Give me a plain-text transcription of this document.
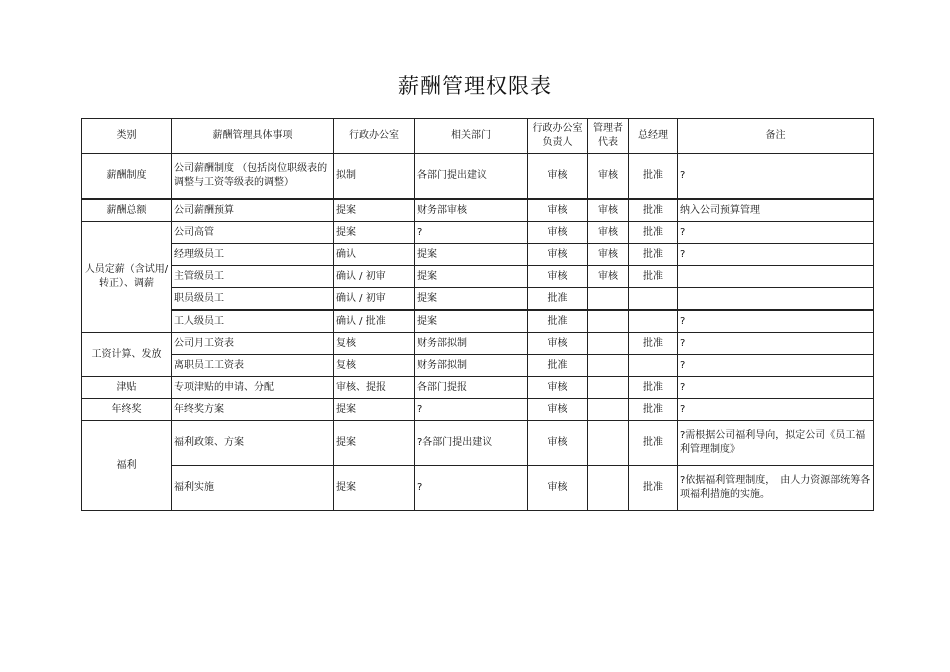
薪酬管理权限表
类别	薪酬管理具体事项	行政办公室	相关部门	行政办公室负责人	管理者代表	总经理	备注
薪酬制度	公司薪酬制度 （包括岗位职级表的调整与工资等级表的调整）	拟制	各部门提出建议	审核	审核	批准	?
薪酬总额	公司薪酬预算	提案	财务部审核	审核	审核	批准	纳入公司预算管理
人员定薪（含试用/ 转正）、调薪	公司高管	提案	?	审核	审核	批准	?
	经理级员工	确认	提案	审核	审核	批准	?
	主管级员工	确认 / 初审	提案	审核	审核	批准	
	职员级员工	确认 / 初审	提案	批准			
	工人级员工	确认 / 批准	提案	批准			?
工资计算、发放	公司月工资表	复核	财务部拟制	审核		批准	?
	离职员工工资表	复核	财务部拟制	批准			?
津贴	专项津贴的申请、分配	审核、提报	各部门提报	审核		批准	?
年终奖	年终奖方案	提案	?	审核		批准	?
福利	福利政策、方案	提案	?各部门提出建议	审核		批准	?需根据公司福利导向，拟定公司《员工福利管理制度》
	福利实施	提案	?	审核		批准	?依据福利管理制度，　由人力资源部统筹各项福利措施的实施。
